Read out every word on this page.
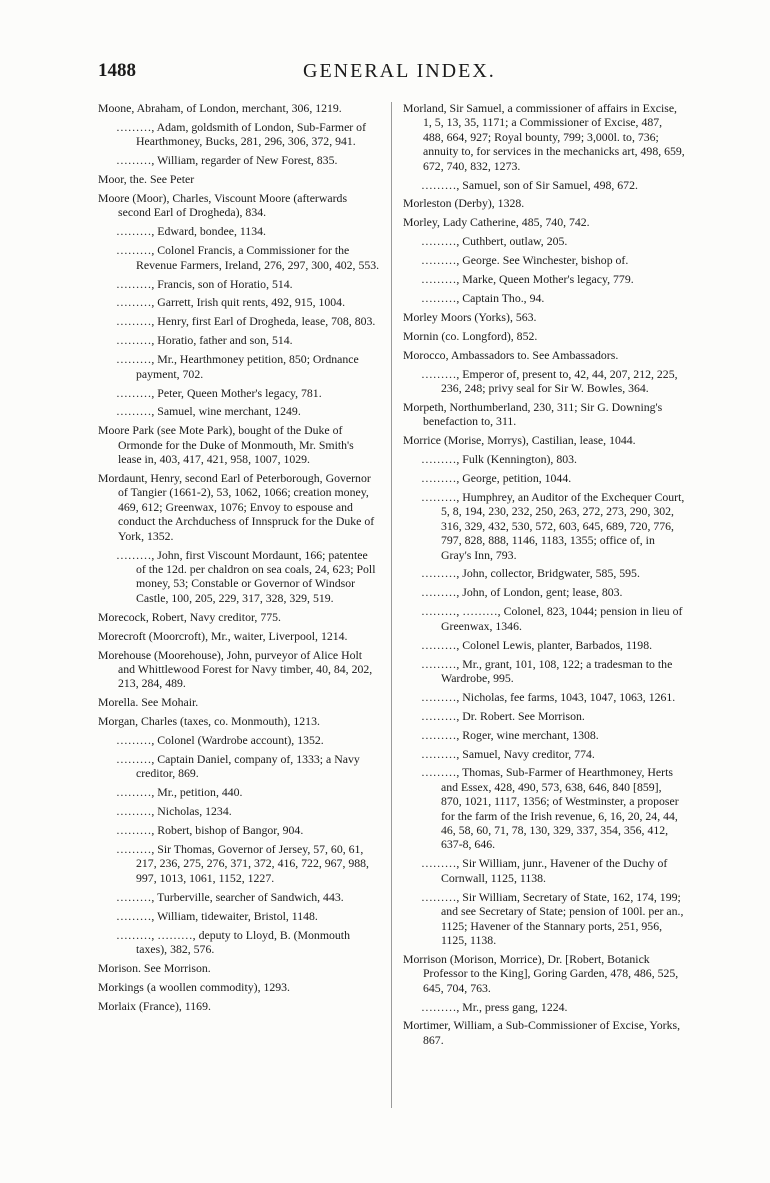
1488	GENERAL INDEX.
Moone, Abraham, of London, merchant, 306, 1219.
………, Adam, goldsmith of London, Sub-Farmer of Hearthmoney, Bucks, 281, 296, 306, 372, 941.
………, William, regarder of New Forest, 835.
Moor, the. See Peter
Moore (Moor), Charles, Viscount Moore (afterwards second Earl of Drogheda), 834.
………, Edward, bondee, 1134.
………, Colonel Francis, a Commissioner for the Revenue Farmers, Ireland, 276, 297, 300, 402, 553.
………, Francis, son of Horatio, 514.
………, Garrett, Irish quit rents, 492, 915, 1004.
………, Henry, first Earl of Drogheda, lease, 708, 803.
………, Horatio, father and son, 514.
………, Mr., Hearthmoney petition, 850; Ordnance payment, 702.
………, Peter, Queen Mother's legacy, 781.
………, Samuel, wine merchant, 1249.
Moore Park (see Mote Park), bought of the Duke of Ormonde for the Duke of Monmouth, Mr. Smith's lease in, 403, 417, 421, 958, 1007, 1029.
Mordaunt, Henry, second Earl of Peterborough, Governor of Tangier (1661-2), 53, 1062, 1066; creation money, 469, 612; Greenwax, 1076; Envoy to espouse and conduct the Archduchess of Innspruck for the Duke of York, 1352.
………, John, first Viscount Mordaunt, 166; patentee of the 12d. per chaldron on sea coals, 24, 623; Poll money, 53; Constable or Governor of Windsor Castle, 100, 205, 229, 317, 328, 329, 519.
Morecock, Robert, Navy creditor, 775.
Morecroft (Moorcroft), Mr., waiter, Liverpool, 1214.
Morehouse (Moorehouse), John, purveyor of Alice Holt and Whittlewood Forest for Navy timber, 40, 84, 202, 213, 284, 489.
Morella. See Mohair.
Morgan, Charles (taxes, co. Monmouth), 1213.
………, Colonel (Wardrobe account), 1352.
………, Captain Daniel, company of, 1333; a Navy creditor, 869.
………, Mr., petition, 440.
………, Nicholas, 1234.
………, Robert, bishop of Bangor, 904.
………, Sir Thomas, Governor of Jersey, 57, 60, 61, 217, 236, 275, 276, 371, 372, 416, 722, 967, 988, 997, 1013, 1061, 1152, 1227.
………, Turberville, searcher of Sandwich, 443.
………, William, tidewaiter, Bristol, 1148.
………, ………, deputy to Lloyd, B. (Monmouth taxes), 382, 576.
Morison. See Morrison.
Morkings (a woollen commodity), 1293.
Morlaix (France), 1169.
Morland, Sir Samuel, a commissioner of affairs in Excise, 1, 5, 13, 35, 1171; a Commissioner of Excise, 487, 488, 664, 927; Royal bounty, 799; 3,000l. to, 736; annuity to, for services in the mechanicks art, 498, 659, 672, 740, 832, 1273.
………, Samuel, son of Sir Samuel, 498, 672.
Morleston (Derby), 1328.
Morley, Lady Catherine, 485, 740, 742.
………, Cuthbert, outlaw, 205.
………, George. See Winchester, bishop of.
………, Marke, Queen Mother's legacy, 779.
………, Captain Tho., 94.
Morley Moors (Yorks), 563.
Mornin (co. Longford), 852.
Morocco, Ambassadors to. See Ambassadors.
………, Emperor of, present to, 42, 44, 207, 212, 225, 236, 248; privy seal for Sir W. Bowles, 364.
Morpeth, Northumberland, 230, 311; Sir G. Downing's benefaction to, 311.
Morrice (Morise, Morrys), Castilian, lease, 1044.
………, Fulk (Kennington), 803.
………, George, petition, 1044.
………, Humphrey, an Auditor of the Exchequer Court, 5, 8, 194, 230, 232, 250, 263, 272, 273, 290, 302, 316, 329, 432, 530, 572, 603, 645, 689, 720, 776, 797, 828, 888, 1146, 1183, 1355; office of, in Gray's Inn, 793.
………, John, collector, Bridgwater, 585, 595.
………, John, of London, gent; lease, 803.
………, ………, Colonel, 823, 1044; pension in lieu of Greenwax, 1346.
………, Colonel Lewis, planter, Barbados, 1198.
………, Mr., grant, 101, 108, 122; a tradesman to the Wardrobe, 995.
………, Nicholas, fee farms, 1043, 1047, 1063, 1261.
………, Dr. Robert. See Morrison.
………, Roger, wine merchant, 1308.
………, Samuel, Navy creditor, 774.
………, Thomas, Sub-Farmer of Hearthmoney, Herts and Essex, 428, 490, 573, 638, 646, 840 [859], 870, 1021, 1117, 1356; of Westminster, a proposer for the farm of the Irish revenue, 6, 16, 20, 24, 44, 46, 58, 60, 71, 78, 130, 329, 337, 354, 356, 412, 637-8, 646.
………, Sir William, junr., Havener of the Duchy of Cornwall, 1125, 1138.
………, Sir William, Secretary of State, 162, 174, 199; and see Secretary of State; pension of 100l. per an., 1125; Havener of the Stannary ports, 251, 956, 1125, 1138.
Morrison (Morison, Morrice), Dr. [Robert, Botanick Professor to the King], Goring Garden, 478, 486, 525, 645, 704, 763.
………, Mr., press gang, 1224.
Mortimer, William, a Sub-Commissioner of Excise, Yorks, 867.
